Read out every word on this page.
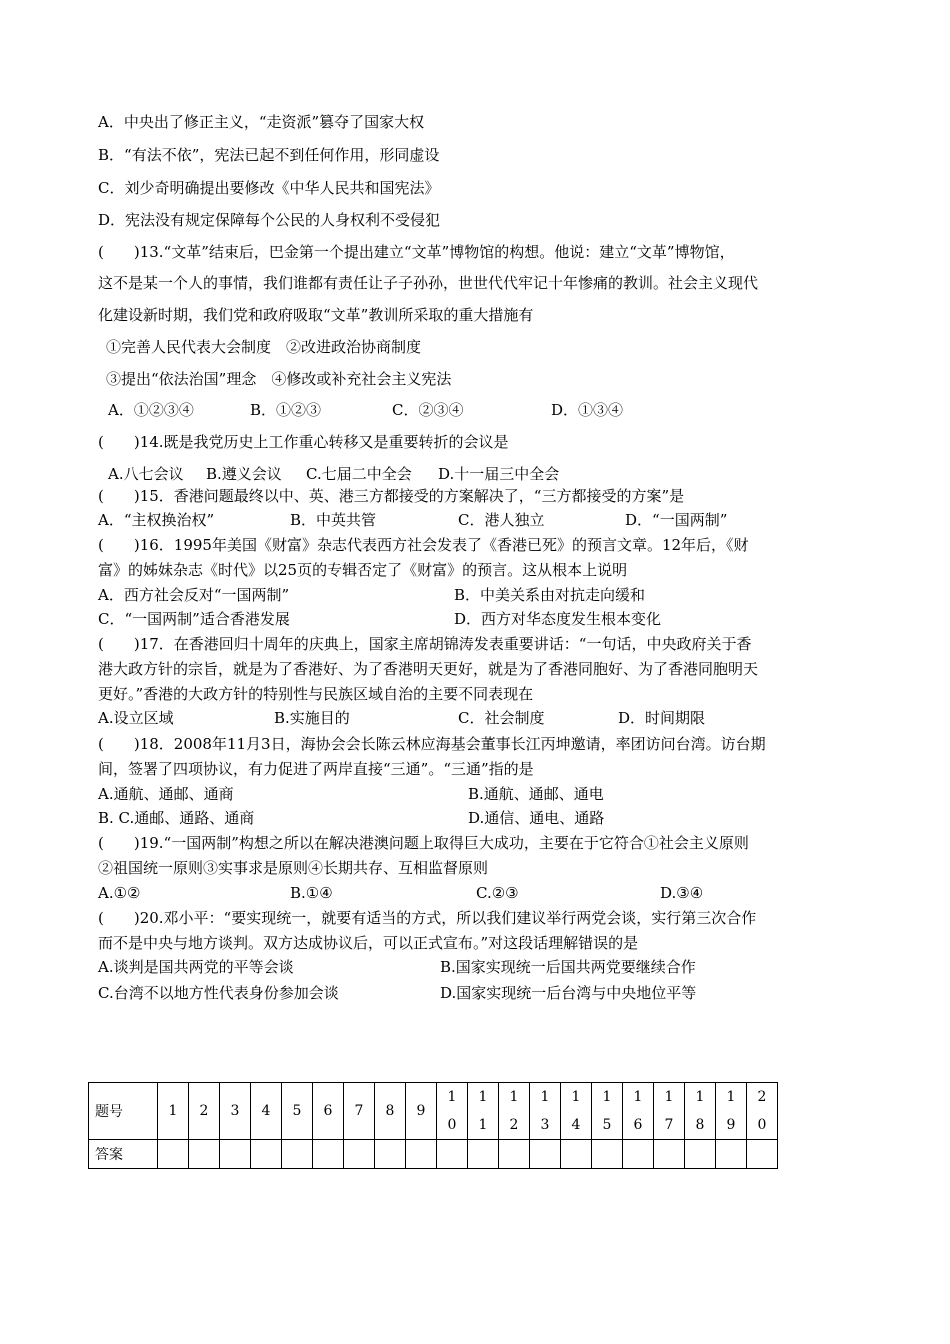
A．中央出了修正主义，“走资派”篡夺了国家大权
B．“有法不依”，宪法已起不到任何作用，形同虚设
C．刘少奇明确提出要修改《中华人民共和国宪法》
D．宪法没有规定保障每个公民的人身权利不受侵犯
(　　)13.“文革”结束后，巴金第一个提出建立“文革”博物馆的构想。他说：建立“文革”博物馆，
这不是某一个人的事情，我们谁都有责任让子子孙孙，世世代代牢记十年惨痛的教训。社会主义现代
化建设新时期，我们党和政府吸取“文革”教训所采取的重大措施有
①完善人民代表大会制度　②改进政治协商制度
③提出“依法治国”理念　④修改或补充社会主义宪法
A．①②③④	B．①②③	C．②③④	D．①③④
(　　)14.既是我党历史上工作重心转移又是重要转折的会议是
A.八七会议 B.遵义会议 C.七届二中全会 D.十一届三中全会
(　　)15．香港问题最终以中、英、港三方都接受的方案解决了，“三方都接受的方案”是
A．“主权换治权”	B．中英共管	C．港人独立	D．“一国两制”
(　　)16．1995年美国《财富》杂志代表西方社会发表了《香港已死》的预言文章。12年后，《财
富》的姊妹杂志《时代》以25页的专辑否定了《财富》的预言。这从根本上说明
A．西方社会反对“一国两制”	B．中美关系由对抗走向缓和
C．“一国两制”适合香港发展	D．西方对华态度发生根本变化
(　　)17．在香港回归十周年的庆典上，国家主席胡锦涛发表重要讲话：“一句话，中央政府关于香
港大政方针的宗旨，就是为了香港好、为了香港明天更好，就是为了香港同胞好、为了香港同胞明天
更好。”香港的大政方针的特别性与民族区域自治的主要不同表现在
A.设立区域	B.实施目的	C．社会制度	D．时间期限
(　　)18．2008年11月3日，海协会会长陈云林应海基会董事长江丙坤邀请，率团访问台湾。访台期
间，签署了四项协议，有力促进了两岸直接“三通”。“三通”指的是
A.通航、通邮、通商	B.通航、通邮、通电
B. C.通邮、通路、通商	D.通信、通电、通路
(　　)19.“一国两制”构想之所以在解决港澳问题上取得巨大成功，主要在于它符合①社会主义原则
②祖国统一原则③实事求是原则④长期共存、互相监督原则
A.①②	B.①④	C.②③	D.③④
(　　)20.邓小平：“要实现统一，就要有适当的方式，所以我们建议举行两党会谈，实行第三次合作
而不是中央与地方谈判。双方达成协议后，可以正式宣布。”对这段话理解错误的是
A.谈判是国共两党的平等会谈	B.国家实现统一后国共两党要继续合作
C.台湾不以地方性代表身份参加会谈	D.国家实现统一后台湾与中央地位平等
题号	1	2	3	4	5	6	7	8	9	10	11	12	13	14	15	16	17	18	19	20
答案																				
